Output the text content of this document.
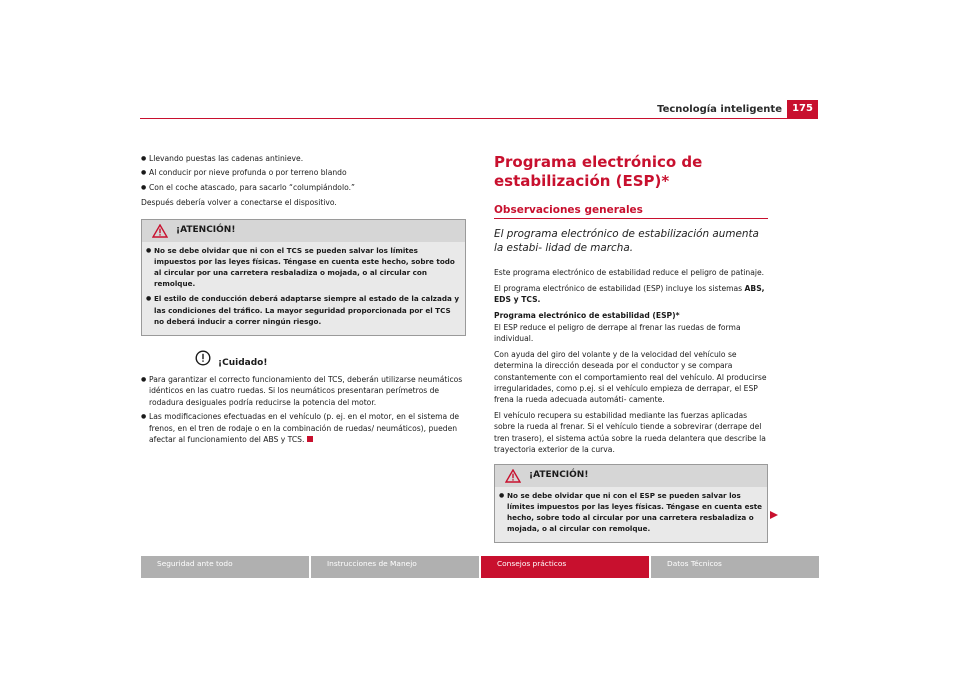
Tecnología inteligente	175
● Llevando puestas las cadenas antinieve.
● Al conducir por nieve profunda o por terreno blando
● Con el coche atascado, para sacarlo “columpiándolo.”

Después debería volver a conectarse el dispositivo.

¡ATENCIÓN!
● No se debe olvidar que ni con el TCS se pueden salvar los límites impuestos por las leyes físicas. Téngase en cuenta este hecho, sobre todo al circular por una carretera resbaladiza o mojada, o al circular con remolque.
● El estilo de conducción deberá adaptarse siempre al estado de la calzada y las condiciones del tráfico. La mayor seguridad proporcionada por el TCS no deberá inducir a correr ningún riesgo.
¡Cuidado!
● Para garantizar el correcto funcionamiento del TCS, deberán utilizarse neumáticos idénticos en las cuatro ruedas. Si los neumáticos presentaran perímetros de rodadura desiguales podría reducirse la potencia del motor.
● Las modificaciones efectuadas en el vehículo (p. ej. en el motor, en el sistema de frenos, en el tren de rodaje o en la combinación de ruedas/ neumáticos), pueden afectar al funcionamiento del ABS y TCS.
Programa electrónico de estabilización (ESP)*
Observaciones generales
El programa electrónico de estabilización aumenta la estabi- lidad de marcha.

Este programa electrónico de estabilidad reduce el peligro de patinaje.

El programa electrónico de estabilidad (ESP) incluye los sistemas ABS, EDS y TCS.

Programa electrónico de estabilidad (ESP)*

El ESP reduce el peligro de derrape al frenar las ruedas de forma individual.

Con ayuda del giro del volante y de la velocidad del vehículo se determina la dirección deseada por el conductor y se compara constantemente con el comportamiento real del vehículo. Al producirse irregularidades, como p.ej. si el vehículo empieza de derrapar, el ESP frena la rueda adecuada automáti- camente.

El vehículo recupera su estabilidad mediante las fuerzas aplicadas sobre la rueda al frenar. Si el vehículo tiende a sobrevirar (derrape del tren trasero), el sistema actúa sobre la rueda delantera que describe la trayectoria exterior de la curva.

¡ATENCIÓN!
● No se debe olvidar que ni con el ESP se pueden salvar los límites impuestos por las leyes físicas. Téngase en cuenta este hecho, sobre todo al circular por una carretera resbaladiza o mojada, o al circular con remolque.
Seguridad ante todo	Instrucciones de Manejo	Consejos prácticos	Datos Técnicos
